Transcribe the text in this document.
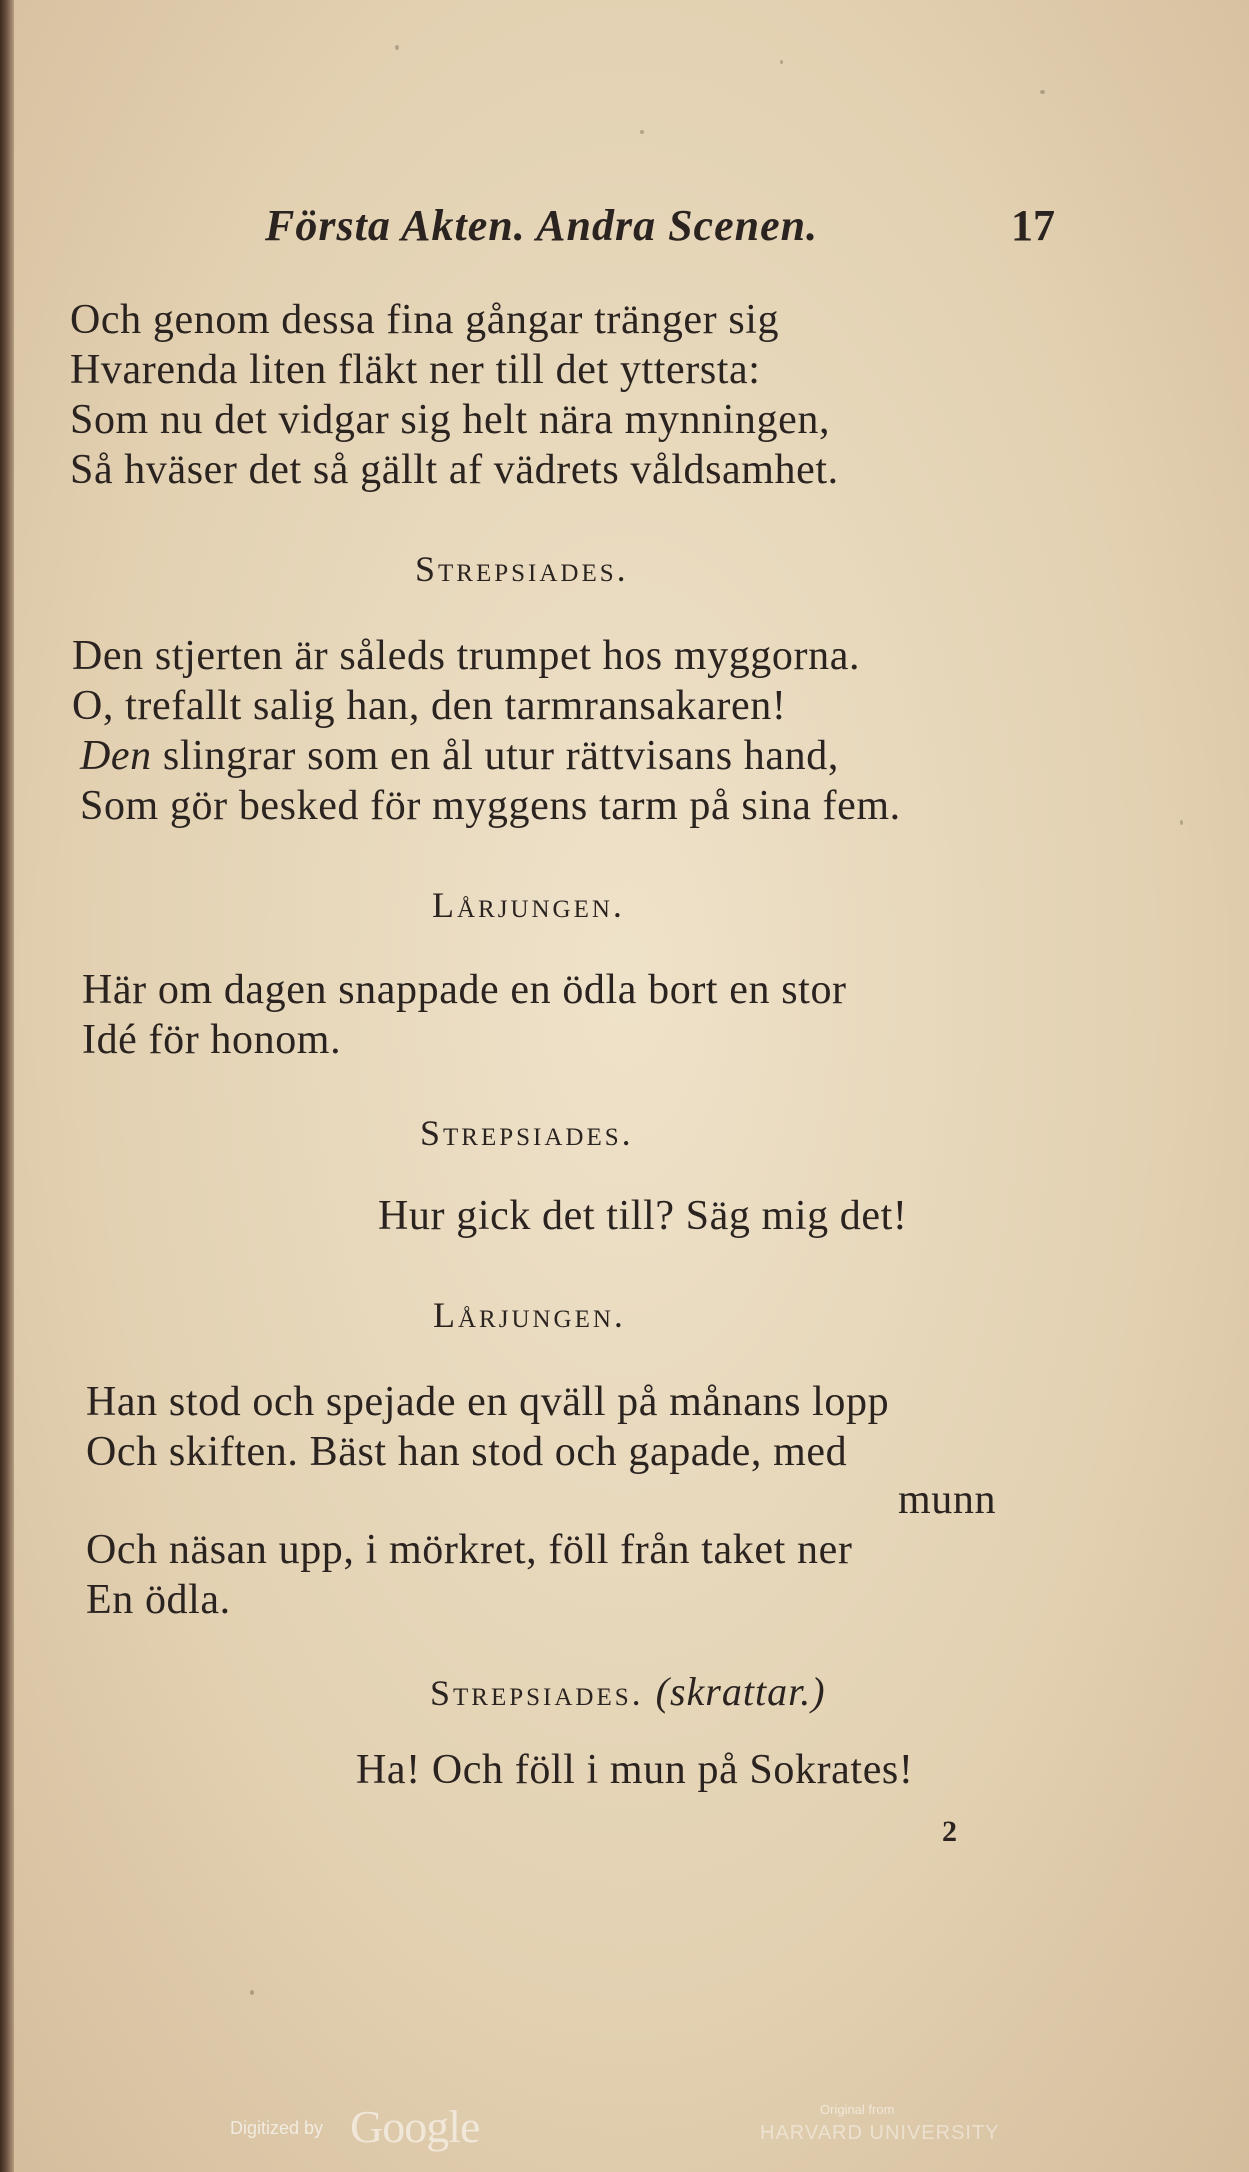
Första Akten. Andra Scenen.	17
Och genom dessa fina gångar tränger sig
Hvarenda liten fläkt ner till det yttersta:
Som nu det vidgar sig helt nära mynningen,
Så hväser det så gällt af vädrets våldsamhet.
Strepsiades.
Den stjerten är såleds trumpet hos myggorna.
O, trefallt salig han, den tarmransakaren!
Den slingrar som en ål utur rättvisans hand,
Som gör besked för myggens tarm på sina fem.
Lårjungen.
Här om dagen snappade en ödla bort en stor
Idé för honom.
Strepsiades.
Hur gick det till? Säg mig det!
Lårjungen.
Han stod och spejade en qväll på månans lopp
Och skiften. Bäst han stod och gapade, med
munn
Och näsan upp, i mörkret, föll från taket ner
En ödla.
Strepsiades. (skrattar.)
Ha! Och föll i mun på Sokrates!
2
Digitized by Google	Original from
HARVARD UNIVERSITY
